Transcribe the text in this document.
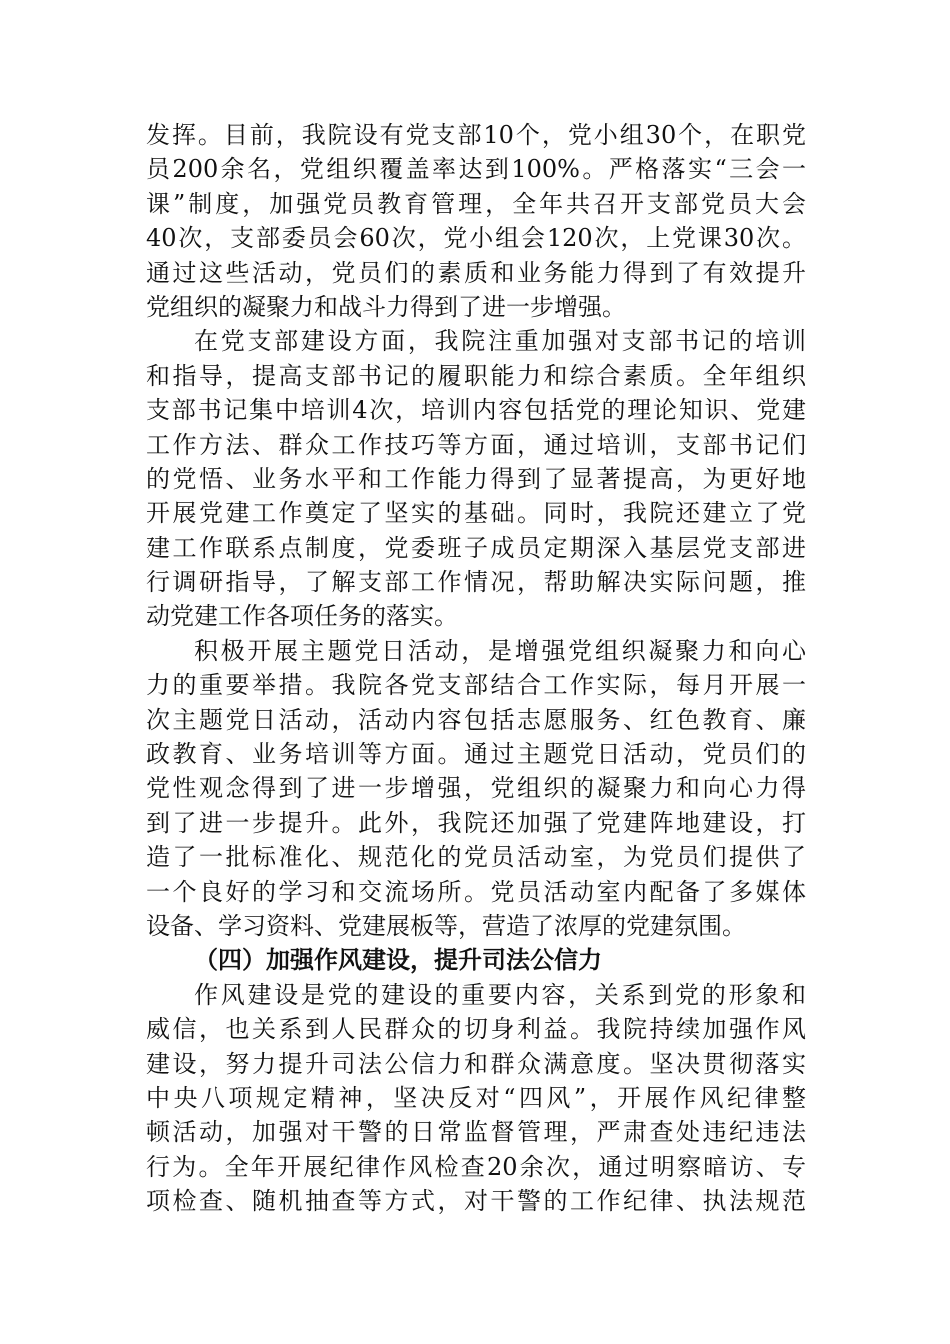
发挥。目前，我院设有党支部10个，党小组30个，在职党
员200余名，党组织覆盖率达到100%。严格落实“三会一
课”制度，加强党员教育管理，全年共召开支部党员大会
40次，支部委员会60次，党小组会120次，上党课30次。
通过这些活动，党员们的素质和业务能力得到了有效提升
党组织的凝聚力和战斗力得到了进一步增强。
在党支部建设方面，我院注重加强对支部书记的培训
和指导，提高支部书记的履职能力和综合素质。全年组织
支部书记集中培训4次，培训内容包括党的理论知识、党建
工作方法、群众工作技巧等方面，通过培训，支部书记们
的党悟、业务水平和工作能力得到了显著提高，为更好地
开展党建工作奠定了坚实的基础。同时，我院还建立了党
建工作联系点制度，党委班子成员定期深入基层党支部进
行调研指导，了解支部工作情况，帮助解决实际问题，推
动党建工作各项任务的落实。
积极开展主题党日活动，是增强党组织凝聚力和向心
力的重要举措。我院各党支部结合工作实际，每月开展一
次主题党日活动，活动内容包括志愿服务、红色教育、廉
政教育、业务培训等方面。通过主题党日活动，党员们的
党性观念得到了进一步增强，党组织的凝聚力和向心力得
到了进一步提升。此外，我院还加强了党建阵地建设，打
造了一批标准化、规范化的党员活动室，为党员们提供了
一个良好的学习和交流场所。党员活动室内配备了多媒体
设备、学习资料、党建展板等，营造了浓厚的党建氛围。
（四）加强作风建设，提升司法公信力
作风建设是党的建设的重要内容，关系到党的形象和
威信，也关系到人民群众的切身利益。我院持续加强作风
建设，努力提升司法公信力和群众满意度。坚决贯彻落实
中央八项规定精神，坚决反对“四风”，开展作风纪律整
顿活动，加强对干警的日常监督管理，严肃查处违纪违法
行为。全年开展纪律作风检查20余次，通过明察暗访、专
项检查、随机抽查等方式，对干警的工作纪律、执法规范
